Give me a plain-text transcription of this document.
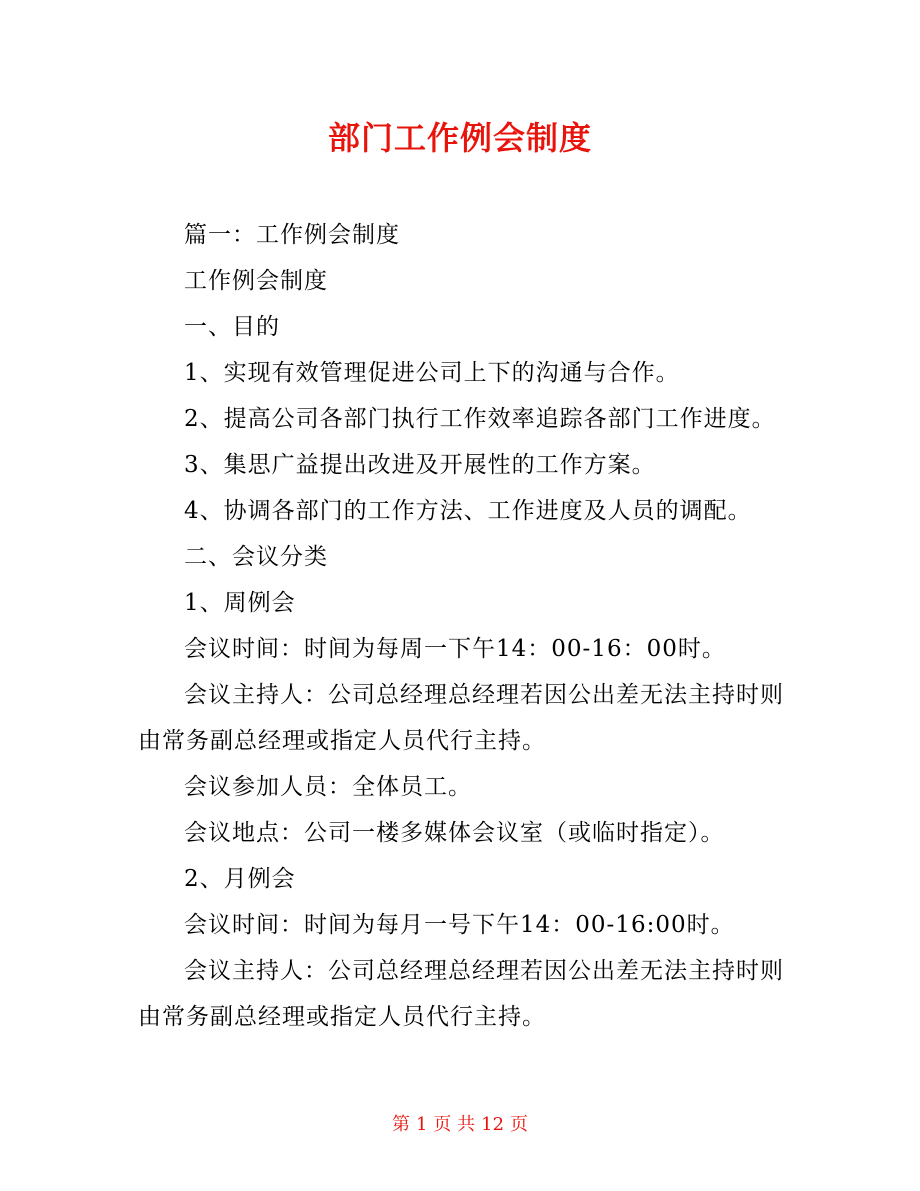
部门工作例会制度

篇一：工作例会制度

工作例会制度

一、目的

1、实现有效管理促进公司上下的沟通与合作。

2、提高公司各部门执行工作效率追踪各部门工作进度。

3、集思广益提出改进及开展性的工作方案。

4、协调各部门的工作方法、工作进度及人员的调配。

二、会议分类

1、周例会

会议时间：时间为每周一下午14：00-16：00时。

会议主持人：公司总经理总经理若因公出差无法主持时则由常务副总经理或指定人员代行主持。

会议参加人员：全体员工。

会议地点：公司一楼多媒体会议室（或临时指定）。

2、月例会

会议时间：时间为每月一号下午14：00-16:00时。

会议主持人：公司总经理总经理若因公出差无法主持时则由常务副总经理或指定人员代行主持。

第 1 页 共 12 页
